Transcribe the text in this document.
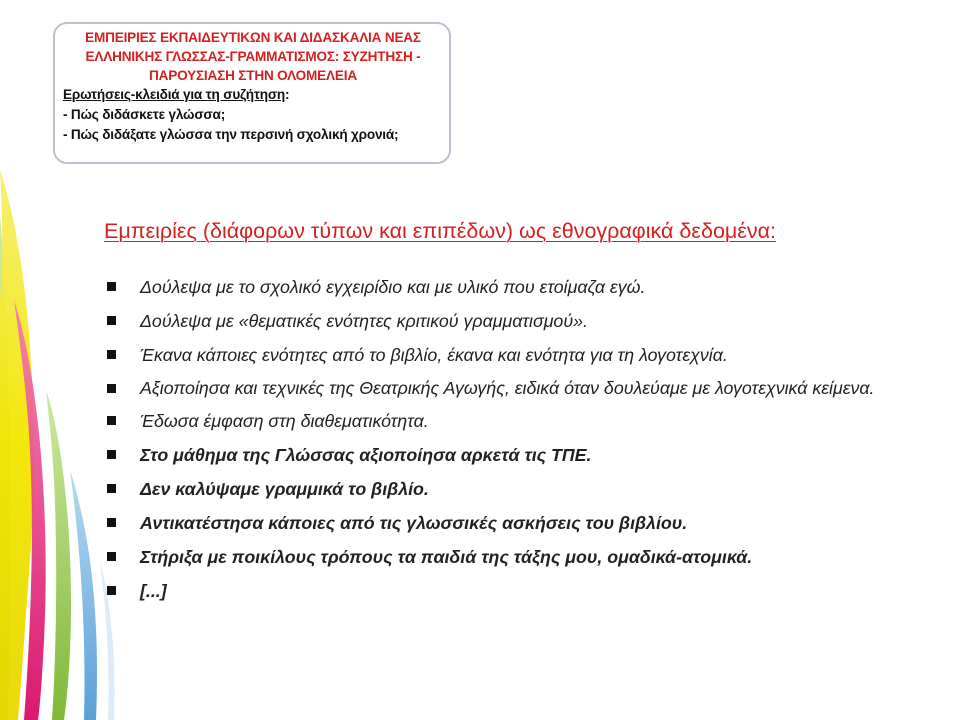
ΕΜΠΕΙΡΙΕΣ ΕΚΠΑΙΔΕΥΤΙΚΩΝ ΚΑΙ ΔΙΔΑΣΚΑΛΙΑ ΝΕΑΣ

ΕΛΛΗΝΙΚΗΣ ΓΛΩΣΣΑΣ-ΓΡΑΜΜΑΤΙΣΜΟΣ: ΣΥΖΗΤΗΣΗ -

ΠΑΡΟΥΣΙΑΣΗ ΣΤΗΝ ΟΛΟΜΕΛΕΙΑ

Ερωτήσεις-κλειδιά για τη συζήτηση:

- Πώς διδάσκετε γλώσσα;

- Πώς διδάξατε γλώσσα την περσινή σχολική χρονιά;

Εμπειρίες (διάφορων τύπων και επιπέδων) ως εθνογραφικά δεδομένα:
Δούλεψα με το σχολικό εγχειρίδιο και με υλικό που ετοίμαζα εγώ.
Δούλεψα με «θεματικές ενότητες κριτικού γραμματισμού».
Έκανα κάποιες ενότητες από το βιβλίο, έκανα και ενότητα για τη λογοτεχνία.
Αξιοποίησα και τεχνικές της Θεατρικής Αγωγής, ειδικά όταν δουλεύαμε με λογοτεχνικά κείμενα.
Έδωσα έμφαση στη διαθεματικότητα.
Στο μάθημα της Γλώσσας αξιοποίησα αρκετά τις ΤΠΕ.
Δεν καλύψαμε γραμμικά το βιβλίο.
Αντικατέστησα κάποιες από τις γλωσσικές ασκήσεις του βιβλίου.
Στήριξα με ποικίλους τρόπους τα παιδιά της τάξης μου, ομαδικά-ατομικά.
[...]
